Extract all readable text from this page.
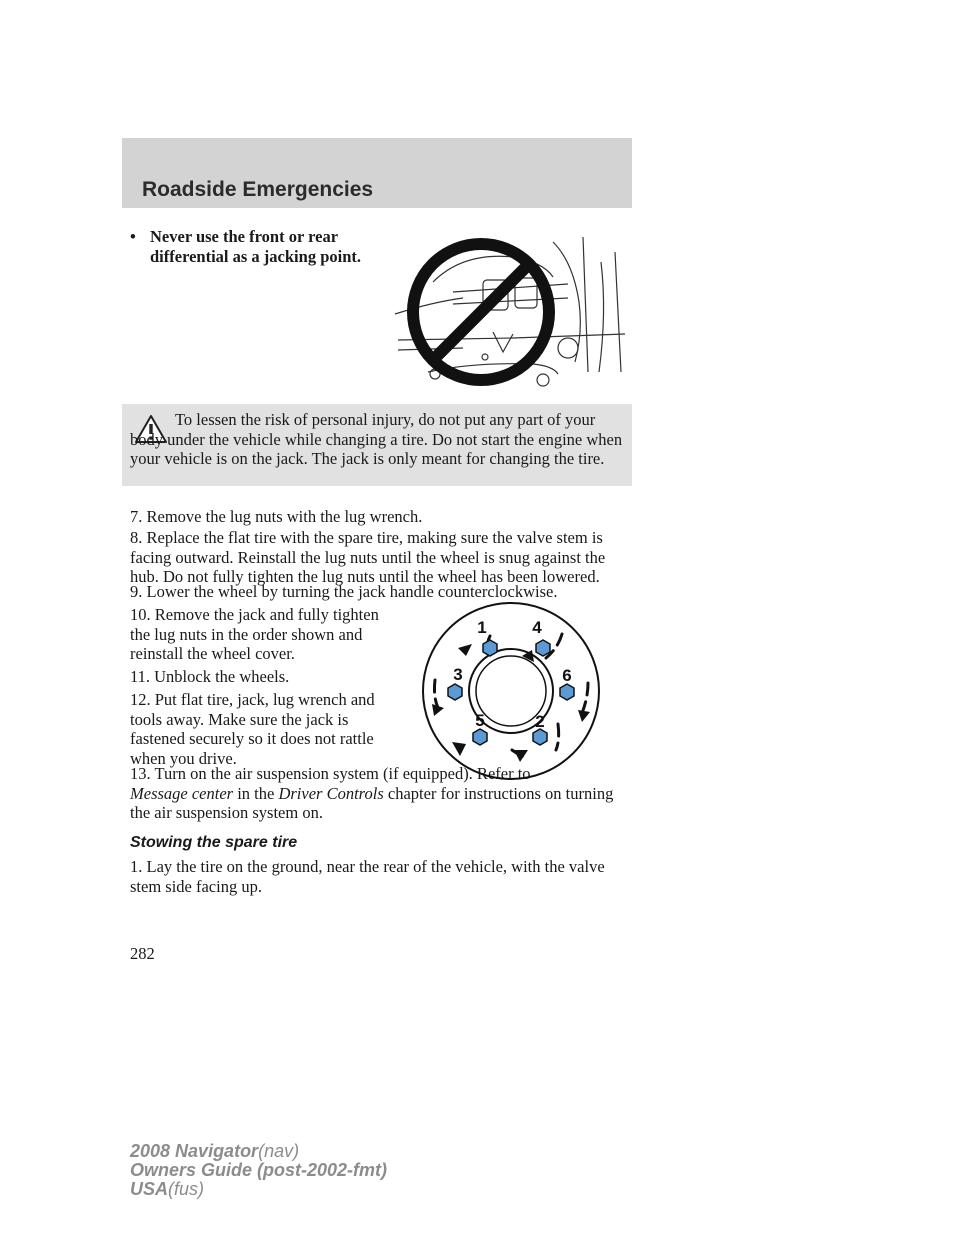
Roadside Emergencies
• Never use the front or rear differential as a jacking point.
To lessen the risk of personal injury, do not put any part of your body under the vehicle while changing a tire. Do not start the engine when your vehicle is on the jack. The jack is only meant for changing the tire.
7. Remove the lug nuts with the lug wrench.
8. Replace the flat tire with the spare tire, making sure the valve stem is facing outward. Reinstall the lug nuts until the wheel is snug against the hub. Do not fully tighten the lug nuts until the wheel has been lowered.
9. Lower the wheel by turning the jack handle counterclockwise.
10. Remove the jack and fully tighten the lug nuts in the order shown and reinstall the wheel cover.
11. Unblock the wheels.
12. Put flat tire, jack, lug wrench and tools away. Make sure the jack is fastened securely so it does not rattle when you drive.
13. Turn on the air suspension system (if equipped). Refer to
Message center in the Driver Controls chapter for instructions on turning the air suspension system on.
1	4
3	6
5	2
Stowing the spare tire
1. Lay the tire on the ground, near the rear of the vehicle, with the valve stem side facing up.
282
2008 Navigator(nav)
Owners Guide (post-2002-fmt)
USA(fus)
